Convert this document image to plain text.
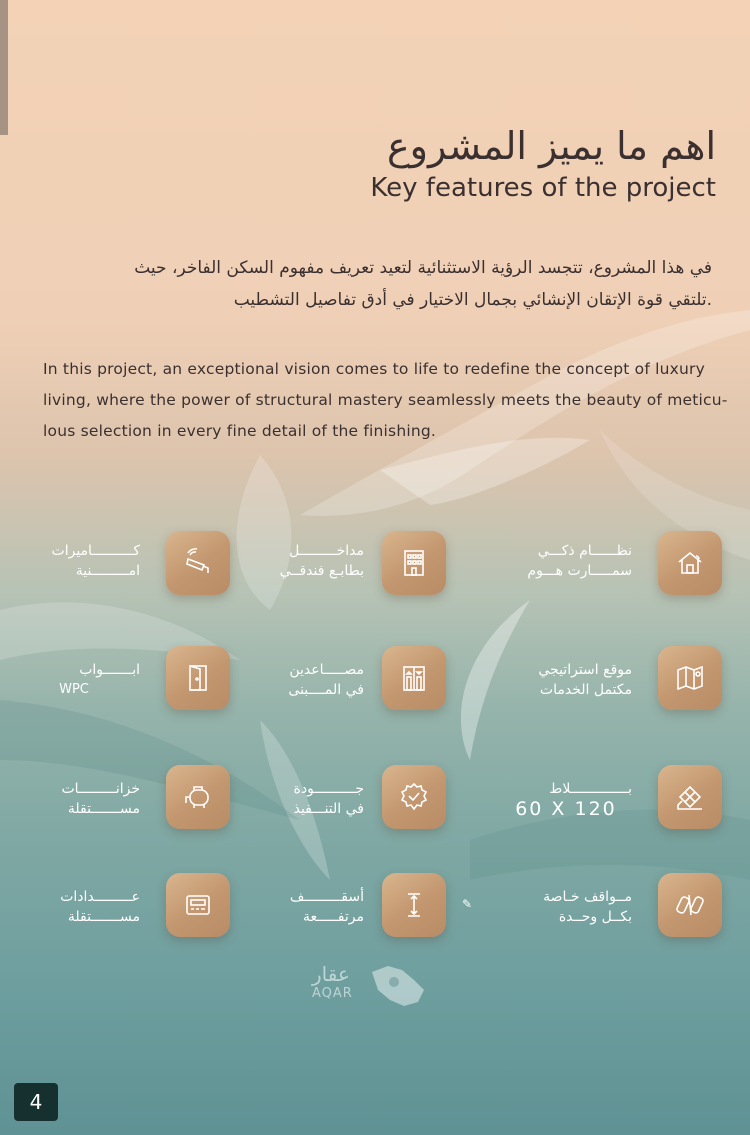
اهم ما يميز المشروع
Key features of the project
في هذا المشروع، تتجسد الرؤية الاستثنائية لتعيد تعريف مفهوم السكن الفاخر، حيث
.تلتقي قوة الإتقان الإنشائي بجمال الاختيار في أدق تفاصيل التشطيب
In this project, an exceptional vision comes to life to redefine the concept of luxury
living, where the power of structural mastery seamlessly meets the beauty of meticu-
lous selection in every fine detail of the finishing.
نظــــــام ذكـــي
سمـــــارت هـــوم
مداخـــــــــل
بطابـع فندقــي
كــــــــــاميرات
امـــــــــنية
موقع استراتيجي
مكتمل الخدمات
مصـــــاعدين
في المــــبنى
ابـــــــواب
WPC
بــــــــــــــلاط
60 X 120
جــــــــــودة
في التنـــفيذ
خزانـــــــــات
مســـــــتقلة
مــواقف خـاصة
بكــل وحــدة
أسقـــــــــف
مرتفـــــعة
✎
عـــــــــدادات
مســـــــتقلة
عقار
AQAR
4
